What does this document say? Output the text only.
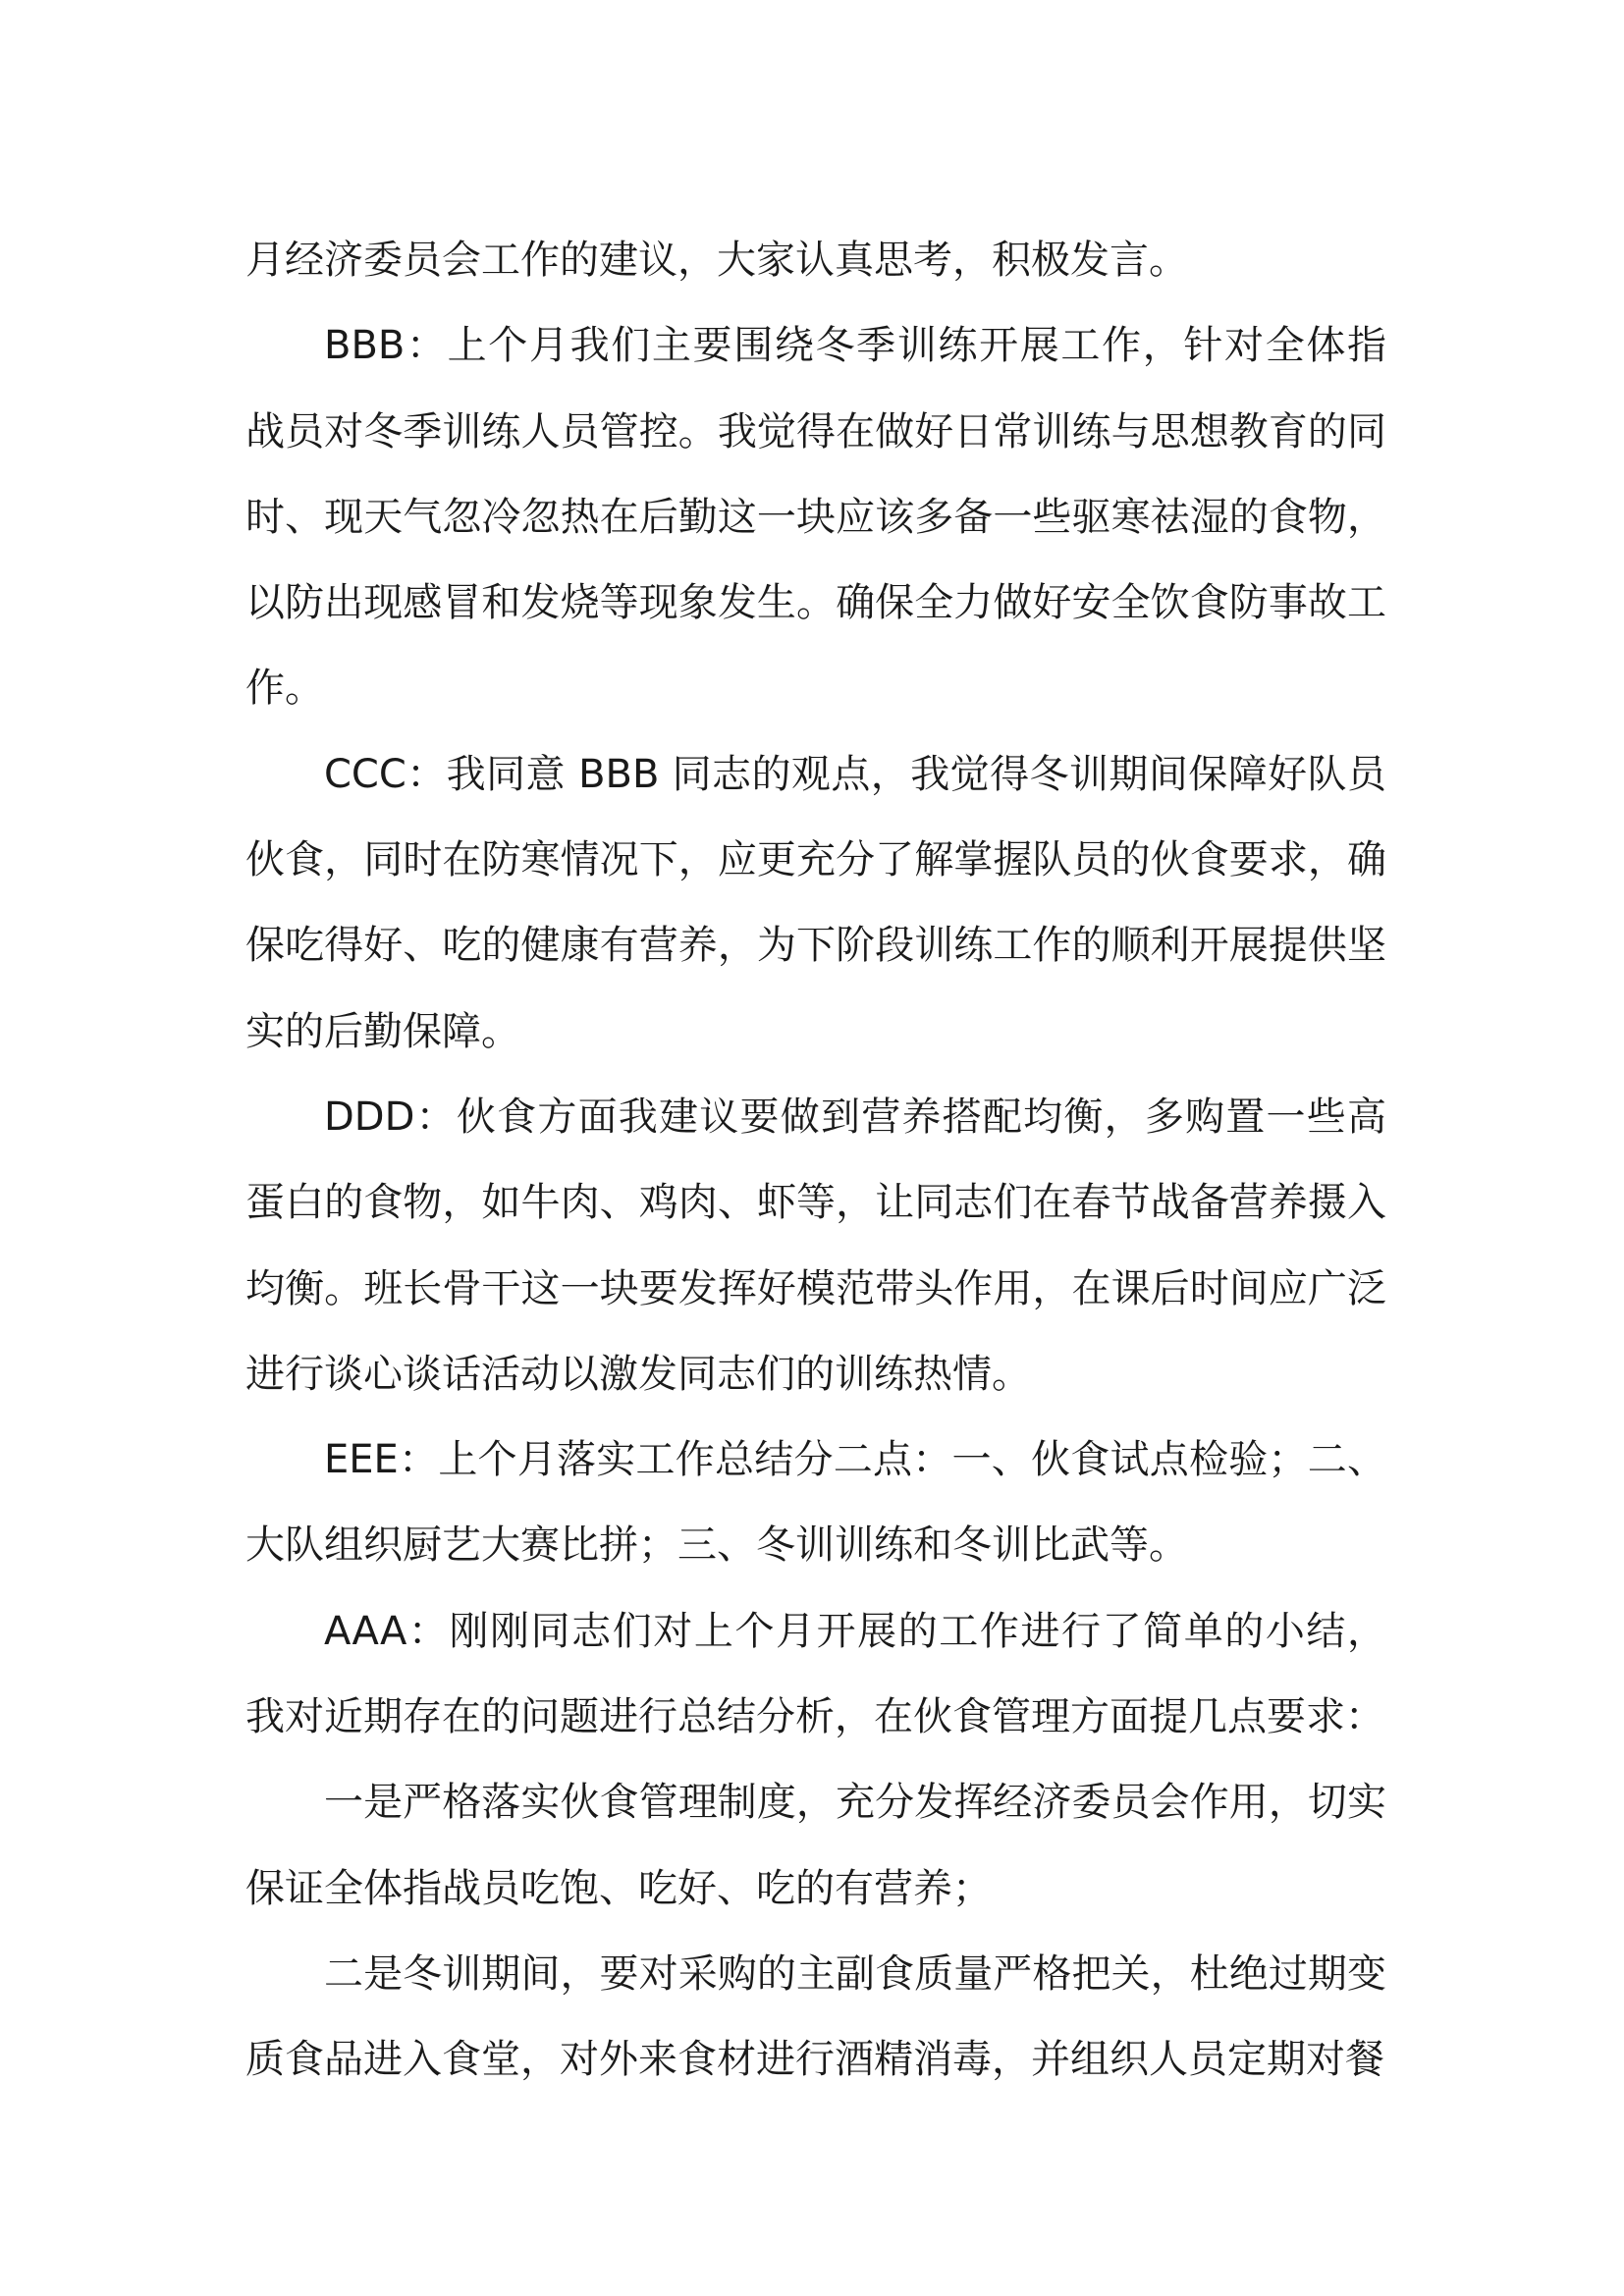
月经济委员会工作的建议，大家认真思考，积极发言。

BBB：上个月我们主要围绕冬季训练开展工作，针对全体指战员对冬季训练人员管控。我觉得在做好日常训练与思想教育的同时、现天气忽冷忽热在后勤这一块应该多备一些驱寒祛湿的食物，以防出现感冒和发烧等现象发生。确保全力做好安全饮食防事故工作。

CCC：我同意 BBB 同志的观点，我觉得冬训期间保障好队员伙食，同时在防寒情况下，应更充分了解掌握队员的伙食要求，确保吃得好、吃的健康有营养，为下阶段训练工作的顺利开展提供坚实的后勤保障。

DDD：伙食方面我建议要做到营养搭配均衡，多购置一些高蛋白的食物，如牛肉、鸡肉、虾等，让同志们在春节战备营养摄入均衡。班长骨干这一块要发挥好模范带头作用，在课后时间应广泛进行谈心谈话活动以激发同志们的训练热情。

EEE：上个月落实工作总结分二点：一、伙食试点检验；二、大队组织厨艺大赛比拼；三、冬训训练和冬训比武等。

AAA：刚刚同志们对上个月开展的工作进行了简单的小结，我对近期存在的问题进行总结分析，在伙食管理方面提几点要求：

一是严格落实伙食管理制度，充分发挥经济委员会作用，切实保证全体指战员吃饱、吃好、吃的有营养；

二是冬训期间，要对采购的主副食质量严格把关，杜绝过期变质食品进入食堂，对外来食材进行酒精消毒，并组织人员定期对餐
